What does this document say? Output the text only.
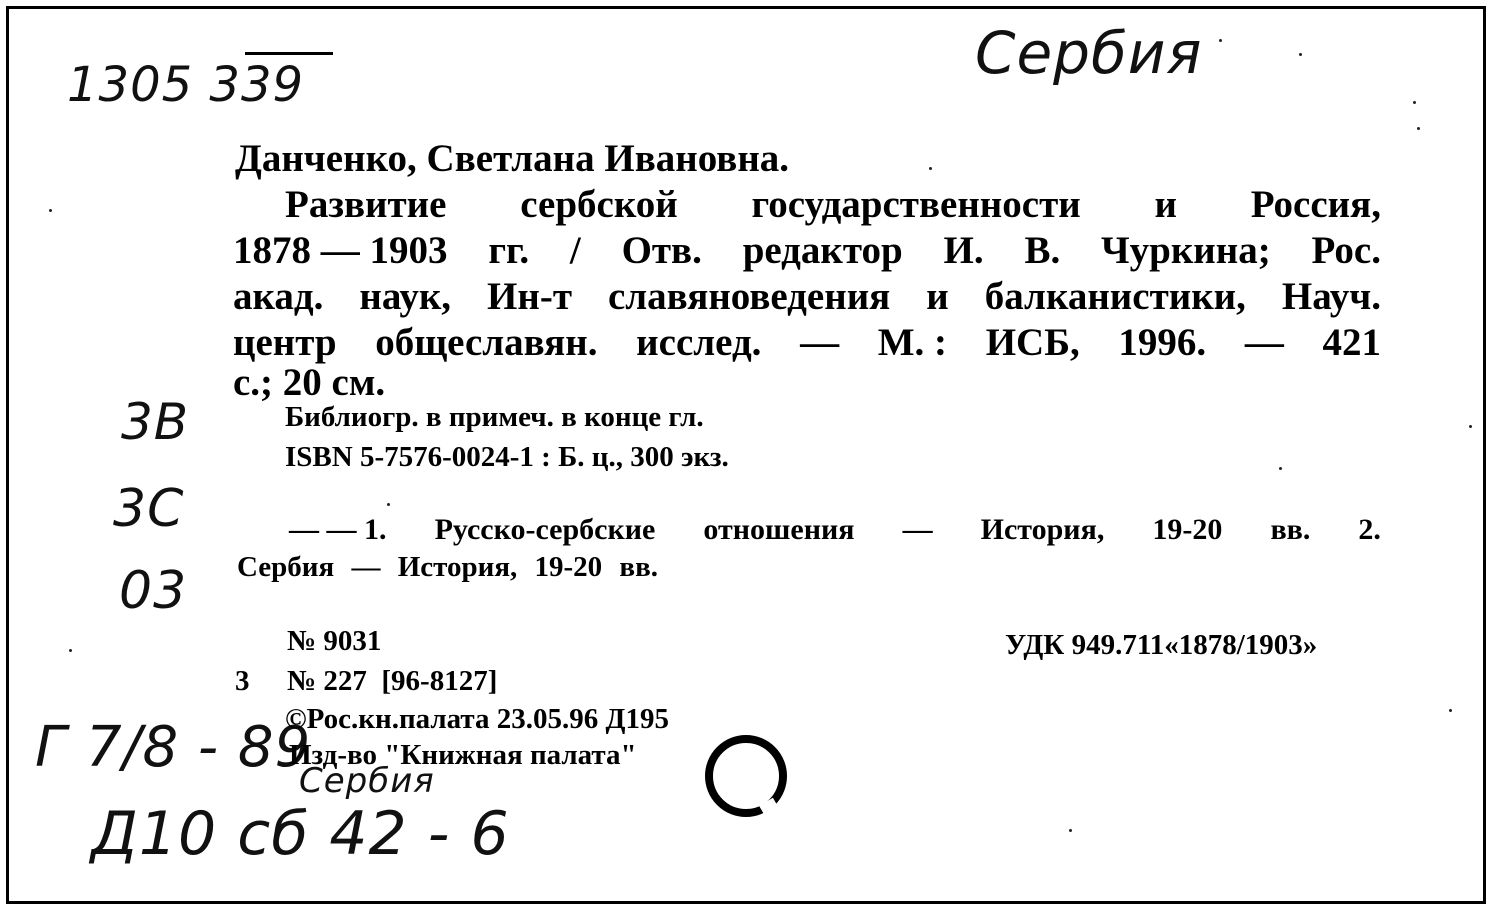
1305 339	Сербия
3В
3С
03
Г 7/8 - 89
Сербия
Д10 сб 42 - 6
Данченко, Светлана Ивановна.
Развитие сербской государственности и Россия,
1878 — 1903 гг. / Отв. редактор И. В. Чуркина; Рос.
акад. наук, Ин-т славяноведения и балканистики, Науч.
центр общеславян. исслед. — М. : ИСБ, 1996. — 421
с.; 20 см.
Библиогр. в примеч. в конце гл.
ISBN 5-7576-0024-1 : Б. ц., 300 экз.
— — 1. Русско-сербские отношения — История, 19-20 вв. 2.
Сербия — История, 19-20 вв.
№ 9031	УДК 949.711«1878/1903»
3 № 227  [96-8127]
©Рос.кн.палата 23.05.96 Д195
Изд-во "Книжная палата"
